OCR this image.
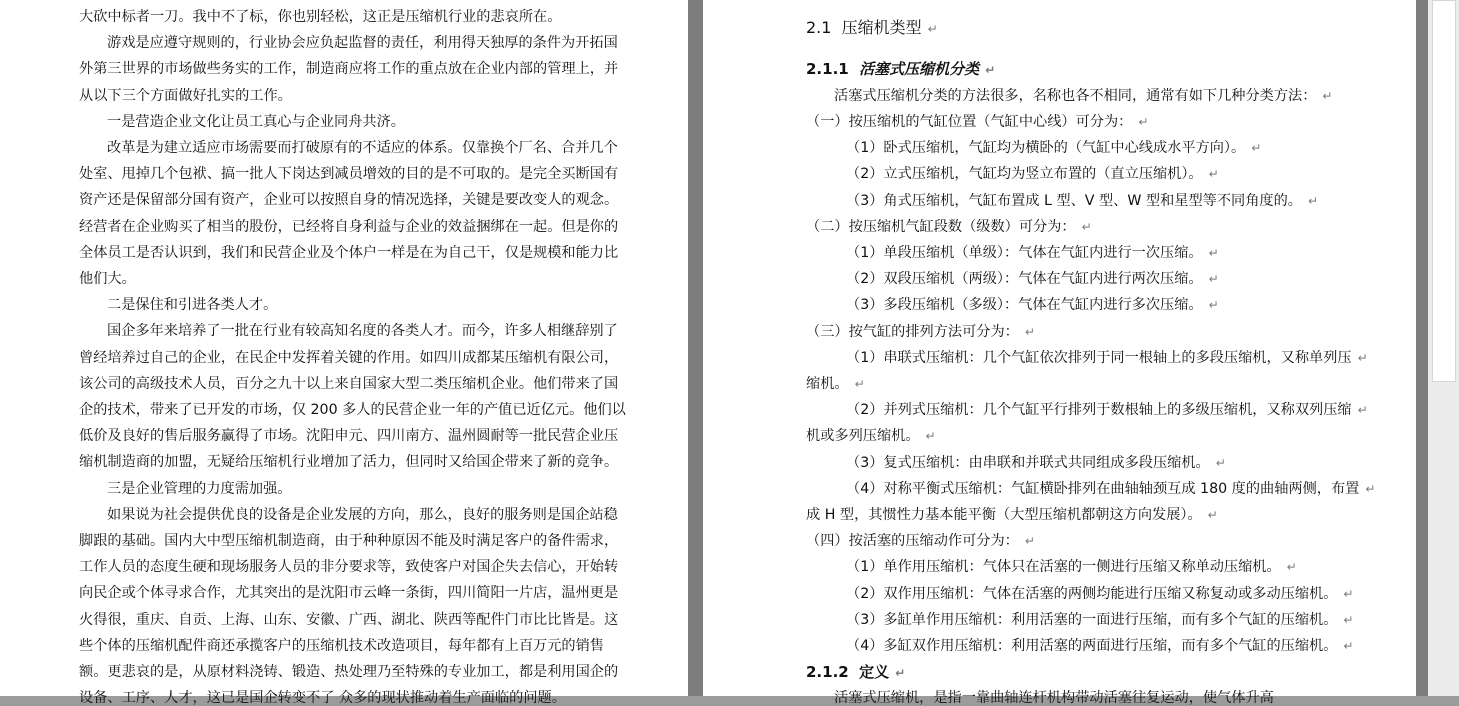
大砍中标者一刀。我中不了标，你也别轻松，这正是压缩机行业的悲哀所在。
游戏是应遵守规则的，行业协会应负起监督的责任，利用得天独厚的条件为开拓国
外第三世界的市场做些务实的工作，制造商应将工作的重点放在企业内部的管理上，并
从以下三个方面做好扎实的工作。
一是营造企业文化让员工真心与企业同舟共济。
改革是为建立适应市场需要而打破原有的不适应的体系。仅靠换个厂名、合并几个
处室、甩掉几个包袱、搞一批人下岗达到减员增效的目的是不可取的。是完全买断国有
资产还是保留部分国有资产，企业可以按照自身的情况选择，关键是要改变人的观念。
经营者在企业购买了相当的股份，已经将自身利益与企业的效益捆绑在一起。但是你的
全体员工是否认识到，我们和民营企业及个体户一样是在为自己干，仅是规模和能力比
他们大。
二是保住和引进各类人才。
国企多年来培养了一批在行业有较高知名度的各类人才。而今，许多人相继辞别了
曾经培养过自己的企业，在民企中发挥着关键的作用。如四川成都某压缩机有限公司，
该公司的高级技术人员，百分之九十以上来自国家大型二类压缩机企业。他们带来了国
企的技术，带来了已开发的市场，仅 200 多人的民营企业一年的产值已近亿元。他们以
低价及良好的售后服务赢得了市场。沈阳申元、四川南方、温州圆耐等一批民营企业压
缩机制造商的加盟，无疑给压缩机行业增加了活力，但同时又给国企带来了新的竞争。
三是企业管理的力度需加强。
如果说为社会提供优良的设备是企业发展的方向，那么，良好的服务则是国企站稳
脚跟的基础。国内大中型压缩机制造商，由于种种原因不能及时满足客户的备件需求，
工作人员的态度生硬和现场服务人员的非分要求等，致使客户对国企失去信心，开始转
向民企或个体寻求合作，尤其突出的是沈阳市云峰一条街，四川简阳一片店，温州更是
火得很，重庆、自贡、上海、山东、安徽、广西、湖北、陕西等配件门市比比皆是。这
些个体的压缩机配件商还承揽客户的压缩机技术改造项目，每年都有上百万元的销售
额。更悲哀的是，从原材料浇铸、锻造、热处理乃至特殊的专业加工，都是利用国企的
设备、工序、人才，这已是国企转变不了 众多的现状推动着生产面临的问题。
2.1  压缩机类型 ↵
2.1.1 活塞式压缩机分类 ↵
活塞式压缩机分类的方法很多，名称也各不相同，通常有如下几种分类方法： ↵
（一）按压缩机的气缸位置（气缸中心线）可分为： ↵
（1）卧式压缩机，气缸均为横卧的（气缸中心线成水平方向）。 ↵
（2）立式压缩机，气缸均为竖立布置的（直立压缩机）。 ↵
（3）角式压缩机，气缸布置成 L 型、V 型、W 型和星型等不同角度的。 ↵
（二）按压缩机气缸段数（级数）可分为： ↵
（1）单段压缩机（单级）：气体在气缸内进行一次压缩。 ↵
（2）双段压缩机（两级）：气体在气缸内进行两次压缩。 ↵
（3）多段压缩机（多级）：气体在气缸内进行多次压缩。 ↵
（三）按气缸的排列方法可分为： ↵
（1）串联式压缩机：几个气缸依次排列于同一根轴上的多段压缩机，又称单列压 ↵
缩机。 ↵
（2）并列式压缩机：几个气缸平行排列于数根轴上的多级压缩机，又称双列压缩 ↵
机或多列压缩机。 ↵
（3）复式压缩机：由串联和并联式共同组成多段压缩机。 ↵
（4）对称平衡式压缩机：气缸横卧排列在曲轴轴颈互成 180 度的曲轴两侧，布置 ↵
成 H 型，其惯性力基本能平衡（大型压缩机都朝这方向发展）。 ↵
（四）按活塞的压缩动作可分为： ↵
（1）单作用压缩机：气体只在活塞的一侧进行压缩又称单动压缩机。 ↵
（2）双作用压缩机：气体在活塞的两侧均能进行压缩又称复动或多动压缩机。 ↵
（3）多缸单作用压缩机：利用活塞的一面进行压缩，而有多个气缸的压缩机。 ↵
（4）多缸双作用压缩机：利用活塞的两面进行压缩，而有多个气缸的压缩机。 ↵
2.1.2 定义 ↵
活塞式压缩机，是指一靠曲轴连杆机构带动活塞往复运动，使气体升高
